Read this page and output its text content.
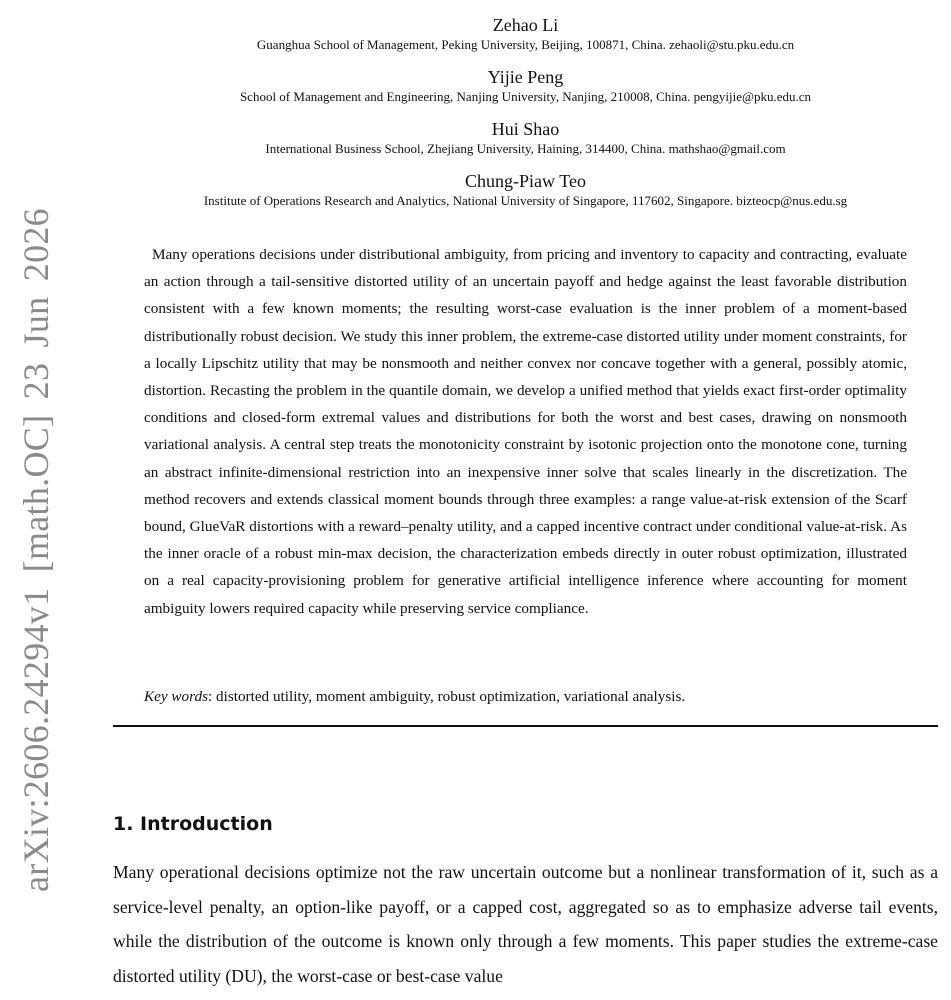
arXiv:2606.24294v1 [math.OC] 23 Jun 2026
Zehao Li
Guanghua School of Management, Peking University, Beijing, 100871, China. zehaoli@stu.pku.edu.cn
Yijie Peng
School of Management and Engineering, Nanjing University, Nanjing, 210008, China. pengyijie@pku.edu.cn
Hui Shao
International Business School, Zhejiang University, Haining, 314400, China. mathshao@gmail.com
Chung-Piaw Teo
Institute of Operations Research and Analytics, National University of Singapore, 117602, Singapore. bizteocp@nus.edu.sg
Many operations decisions under distributional ambiguity, from pricing and inventory to capacity and contracting, evaluate an action through a tail-sensitive distorted utility of an uncertain payoff and hedge against the least favorable distribution consistent with a few known moments; the resulting worst-case evaluation is the inner problem of a moment-based distributionally robust decision. We study this inner problem, the extreme-case distorted utility under moment constraints, for a locally Lipschitz utility that may be nonsmooth and neither convex nor concave together with a general, possibly atomic, distortion. Recasting the problem in the quantile domain, we develop a unified method that yields exact first-order optimality conditions and closed-form extremal values and distributions for both the worst and best cases, drawing on nonsmooth variational analysis. A central step treats the monotonicity constraint by isotonic projection onto the monotone cone, turning an abstract infinite-dimensional restriction into an inexpensive inner solve that scales linearly in the discretization. The method recovers and extends classical moment bounds through three examples: a range value-at-risk extension of the Scarf bound, GlueVaR distortions with a reward–penalty utility, and a capped incentive contract under conditional value-at-risk. As the inner oracle of a robust min-max decision, the characterization embeds directly in outer robust optimization, illustrated on a real capacity-provisioning problem for generative artificial intelligence inference where accounting for moment ambiguity lowers required capacity while preserving service compliance.
Key words: distorted utility, moment ambiguity, robust optimization, variational analysis.
1. Introduction
Many operational decisions optimize not the raw uncertain outcome but a nonlinear transformation of it, such as a service-level penalty, an option-like payoff, or a capped cost, aggregated so as to emphasize adverse tail events, while the distribution of the outcome is known only through a few moments. This paper studies the extreme-case distorted utility (DU), the worst-case or best-case value
